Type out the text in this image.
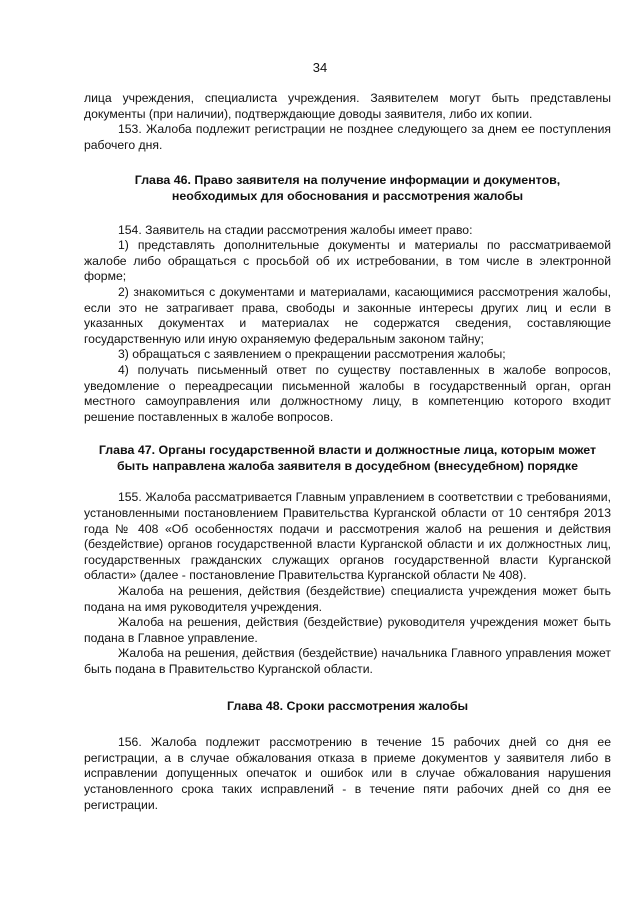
34

лица учреждения, специалиста учреждения. Заявителем могут быть представлены документы (при наличии), подтверждающие доводы заявителя, либо их копии.

153. Жалоба подлежит регистрации не позднее следующего за днем ее поступления рабочего дня.

Глава 46. Право заявителя на получение информации и документов, необходимых для обоснования и рассмотрения жалобы

154. Заявитель на стадии рассмотрения жалобы имеет право:

1) представлять дополнительные документы и материалы по рассматриваемой жалобе либо обращаться с просьбой об их истребовании, в том числе в электронной форме;

2) знакомиться с документами и материалами, касающимися рассмотрения жалобы, если это не затрагивает права, свободы и законные интересы других лиц и если в указанных документах и материалах не содержатся сведения, составляющие государственную или иную охраняемую федеральным законом тайну;

3) обращаться с заявлением о прекращении рассмотрения жалобы;

4) получать письменный ответ по существу поставленных в жалобе вопросов, уведомление о переадресации письменной жалобы в государственный орган, орган местного самоуправления или должностному лицу, в компетенцию которого входит решение поставленных в жалобе вопросов.

Глава 47. Органы государственной власти и должностные лица, которым может быть направлена жалоба заявителя в досудебном (внесудебном) порядке

155. Жалоба рассматривается Главным управлением в соответствии с требованиями, установленными постановлением Правительства Курганской области от 10 сентября 2013 года № 408 «Об особенностях подачи и рассмотрения жалоб на решения и действия (бездействие) органов государственной власти Курганской области и их должностных лиц, государственных гражданских служащих органов государственной власти Курганской области» (далее - постановление Правительства Курганской области № 408).

Жалоба на решения, действия (бездействие) специалиста учреждения может быть подана на имя руководителя учреждения.

Жалоба на решения, действия (бездействие) руководителя учреждения может быть подана в Главное управление.

Жалоба на решения, действия (бездействие) начальника Главного управления может быть подана в Правительство Курганской области.

Глава 48. Сроки рассмотрения жалобы

156. Жалоба подлежит рассмотрению в течение 15 рабочих дней со дня ее регистрации, а в случае обжалования отказа в приеме документов у заявителя либо в исправлении допущенных опечаток и ошибок или в случае обжалования нарушения установленного срока таких исправлений - в течение пяти рабочих дней со дня ее регистрации.
